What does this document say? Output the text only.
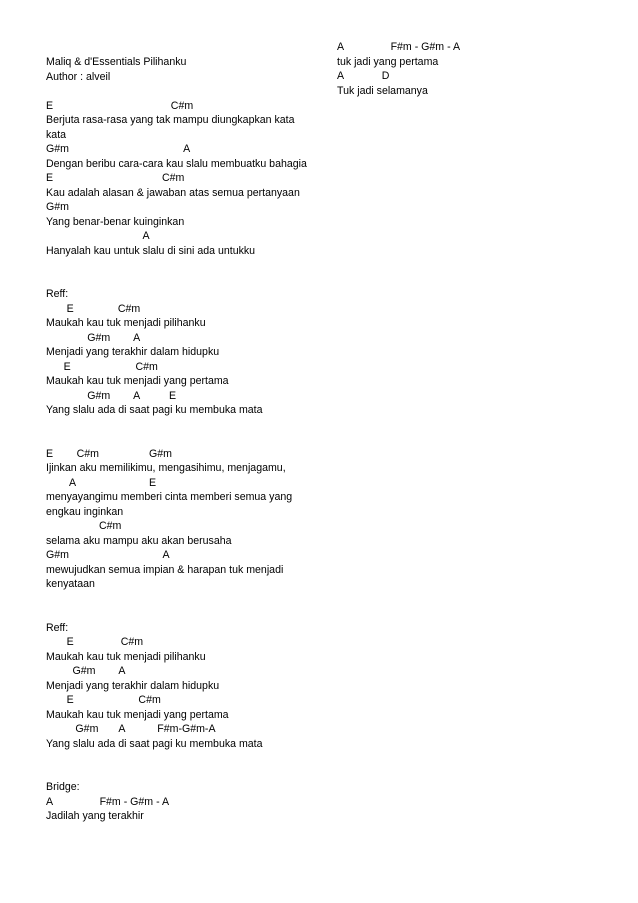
Maliq & d'Essentials Pilihanku
Author : alveil
E                                        C#m
Berjuta rasa-rasa yang tak mampu diungkapkan kata
kata
G#m                                       A
Dengan beribu cara-cara kau slalu membuatku bahagia
E                                     C#m
Kau adalah alasan & jawaban atas semua pertanyaan
G#m
Yang benar-benar kuinginkan
A
Hanyalah kau untuk slalu di sini ada untukku
Reff:
E               C#m
Maukah kau tuk menjadi pilihanku
G#m        A
Menjadi yang terakhir dalam hidupku
E                      C#m
Maukah kau tuk menjadi yang pertama
G#m        A          E
Yang slalu ada di saat pagi ku membuka mata
E        C#m                 G#m
Ijinkan aku memilikimu, mengasihimu, menjagamu,
A                         E
menyayangimu memberi cinta memberi semua yang
engkau inginkan
C#m
selama aku mampu aku akan berusaha
G#m                                A
mewujudkan semua impian & harapan tuk menjadi
kenyataan
Reff:
E                C#m
Maukah kau tuk menjadi pilihanku
G#m        A
Menjadi yang terakhir dalam hidupku
E                      C#m
Maukah kau tuk menjadi yang pertama
G#m       A           F#m-G#m-A
Yang slalu ada di saat pagi ku membuka mata
Bridge:
A                F#m - G#m - A
Jadilah yang terakhir
A                F#m - G#m - A
tuk jadi yang pertama
A             D
Tuk jadi selamanya
